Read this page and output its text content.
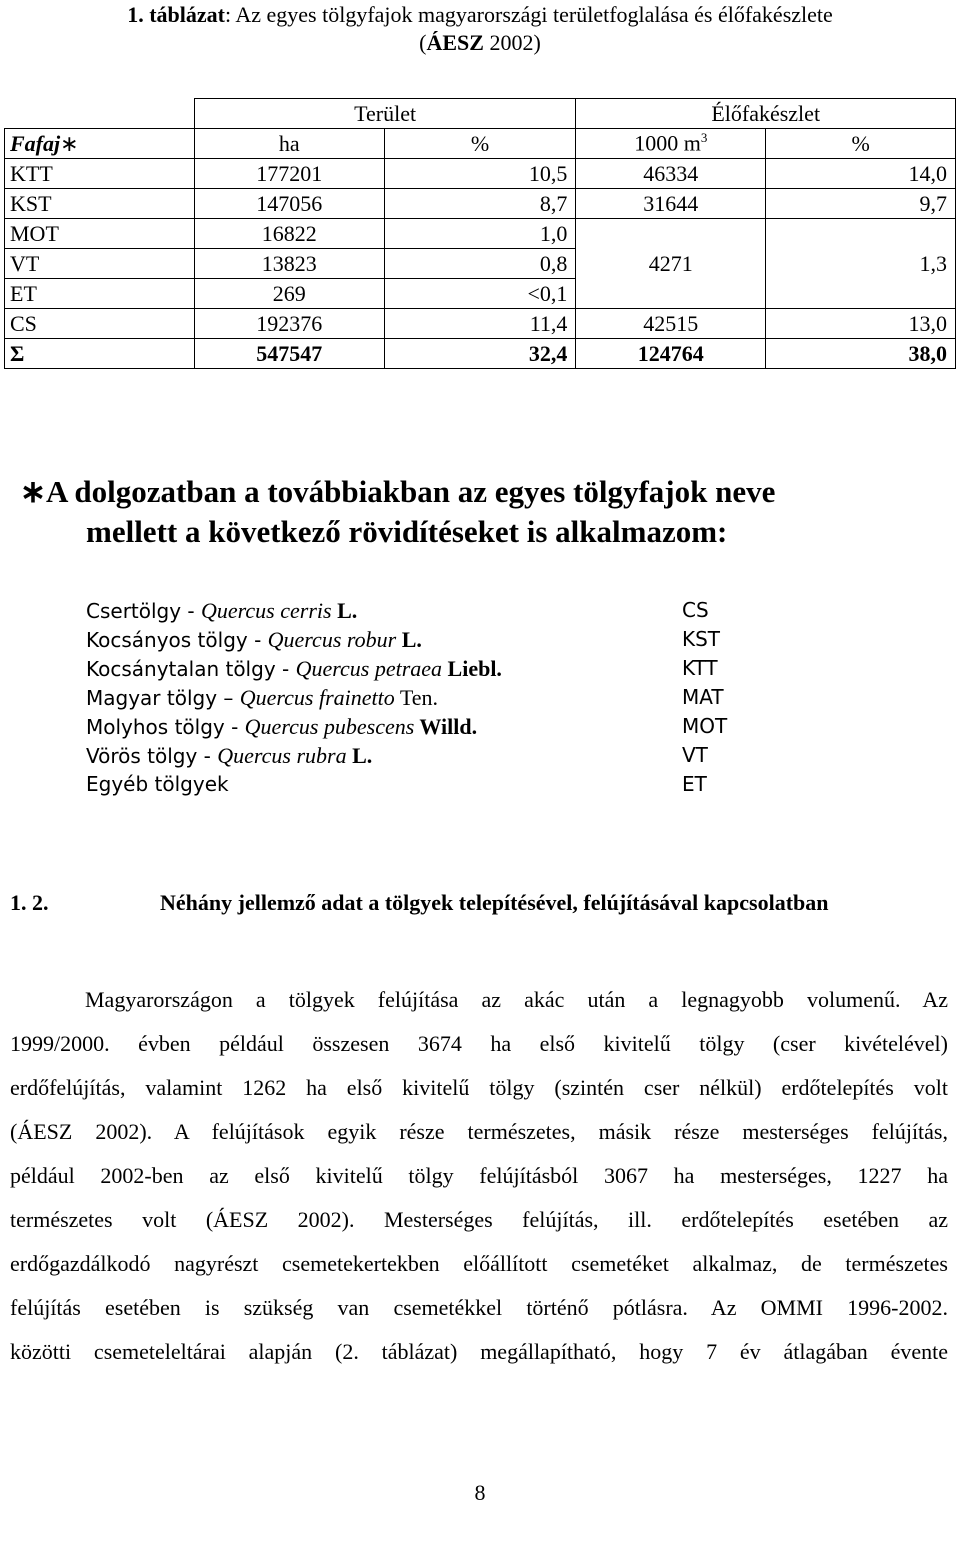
1. táblázat: Az egyes tölgyfajok magyarországi területfoglalása és élőfakészlete
(ÁESZ 2002)
	Terület		Élőfakészlet	
Fafaj∗	ha	%	1000 $m^3$	%
KTT	177201	10,5	46334	14,0
KST	147056	8,7	31644	9,7
MOT	16822	1,0	4271	1,3
VT	13823	0,8		
ET	269	<0,1		
CS	192376	11,4	42515	13,0
Σ	547547	32,4	124764	38,0
∗A dolgozatban a továbbiakban az egyes tölgyfajok neve
mellett a következő rövidítéseket is alkalmazom:
Csertölgy - Quercus cerris L.	CS
Kocsányos tölgy - Quercus robur L.	KST
Kocsánytalan tölgy - Quercus petraea Liebl.	KTT
Magyar tölgy – Quercus frainetto Ten.	MAT
Molyhos tölgy - Quercus pubescens Willd.	MOT
Vörös tölgy - Quercus rubra L.	VT
Egyéb tölgyek	ET
1. 2.	Néhány jellemző adat a tölgyek telepítésével, felújításával kapcsolatban
Magyarországon a tölgyek felújítása az akác után a legnagyobb volumenű. Az
1999/2000. évben például összesen 3674 ha első kivitelű tölgy (cser kivételével)
erdőfelújítás, valamint 1262 ha első kivitelű tölgy (szintén cser nélkül) erdőtelepítés volt
(ÁESZ 2002). A felújítások egyik része természetes, másik része mesterséges felújítás,
például 2002-ben az első kivitelű tölgy felújításból 3067 ha mesterséges, 1227 ha
természetes volt (ÁESZ 2002). Mesterséges felújítás, ill. erdőtelepítés esetében az
erdőgazdálkodó nagyrészt csemetekertekben előállított csemetéket alkalmaz, de természetes
felújítás esetében is szükség van csemetékkel történő pótlásra. Az OMMI 1996-2002.
közötti csemeteleltárai alapján (2. táblázat) megállapítható, hogy 7 év átlagában évente
8
